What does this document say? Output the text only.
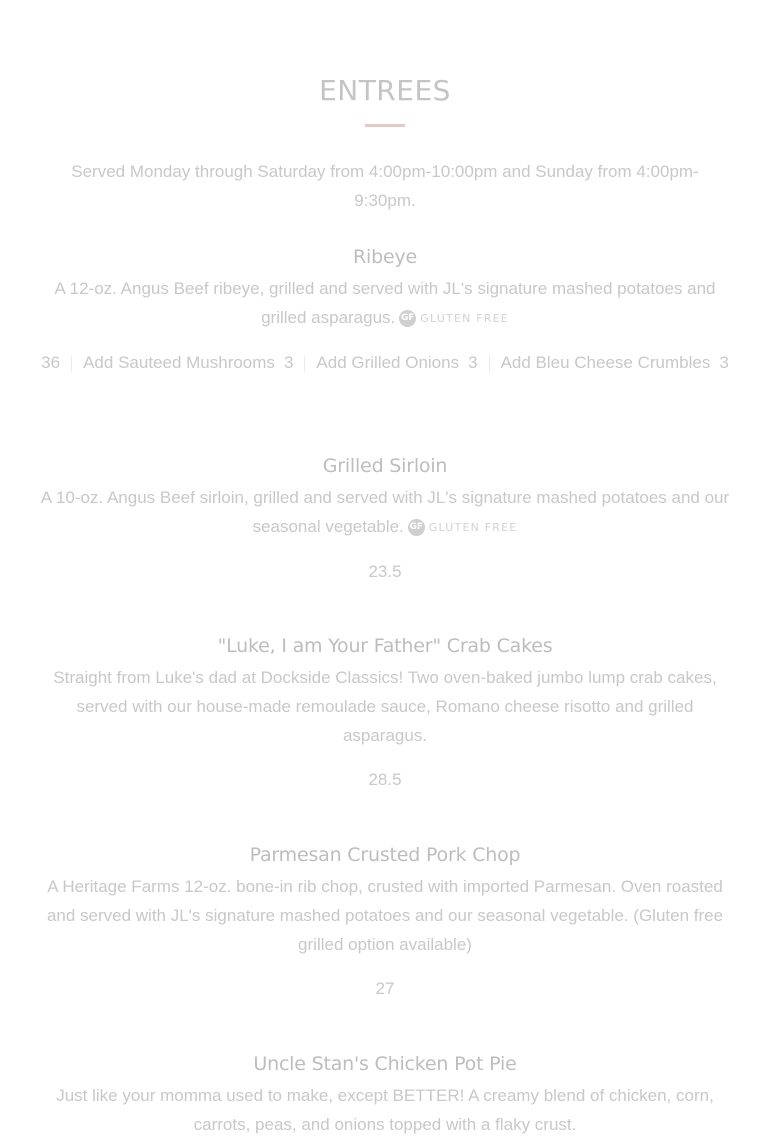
ENTREES
Served Monday through Saturday from 4:00pm-10:00pm and Sunday from 4:00pm-9:30pm.
Ribeye
A 12-oz. Angus Beef ribeye, grilled and served with JL's signature mashed potatoes and grilled asparagus. GF GLUTEN FREE
36 Add Sauteed Mushrooms 3 Add Grilled Onions 3 Add Bleu Cheese Crumbles 3
Grilled Sirloin
A 10-oz. Angus Beef sirloin, grilled and served with JL's signature mashed potatoes and our seasonal vegetable. GF GLUTEN FREE
23.5
"Luke, I am Your Father" Crab Cakes
Straight from Luke's dad at Dockside Classics! Two oven-baked jumbo lump crab cakes, served with our house-made remoulade sauce, Romano cheese risotto and grilled asparagus.
28.5
Parmesan Crusted Pork Chop
A Heritage Farms 12-oz. bone-in rib chop, crusted with imported Parmesan. Oven roasted and served with JL's signature mashed potatoes and our seasonal vegetable. (Gluten free grilled option available)
27
Uncle Stan's Chicken Pot Pie
Just like your momma used to make, except BETTER! A creamy blend of chicken, corn, carrots, peas, and onions topped with a flaky crust.
